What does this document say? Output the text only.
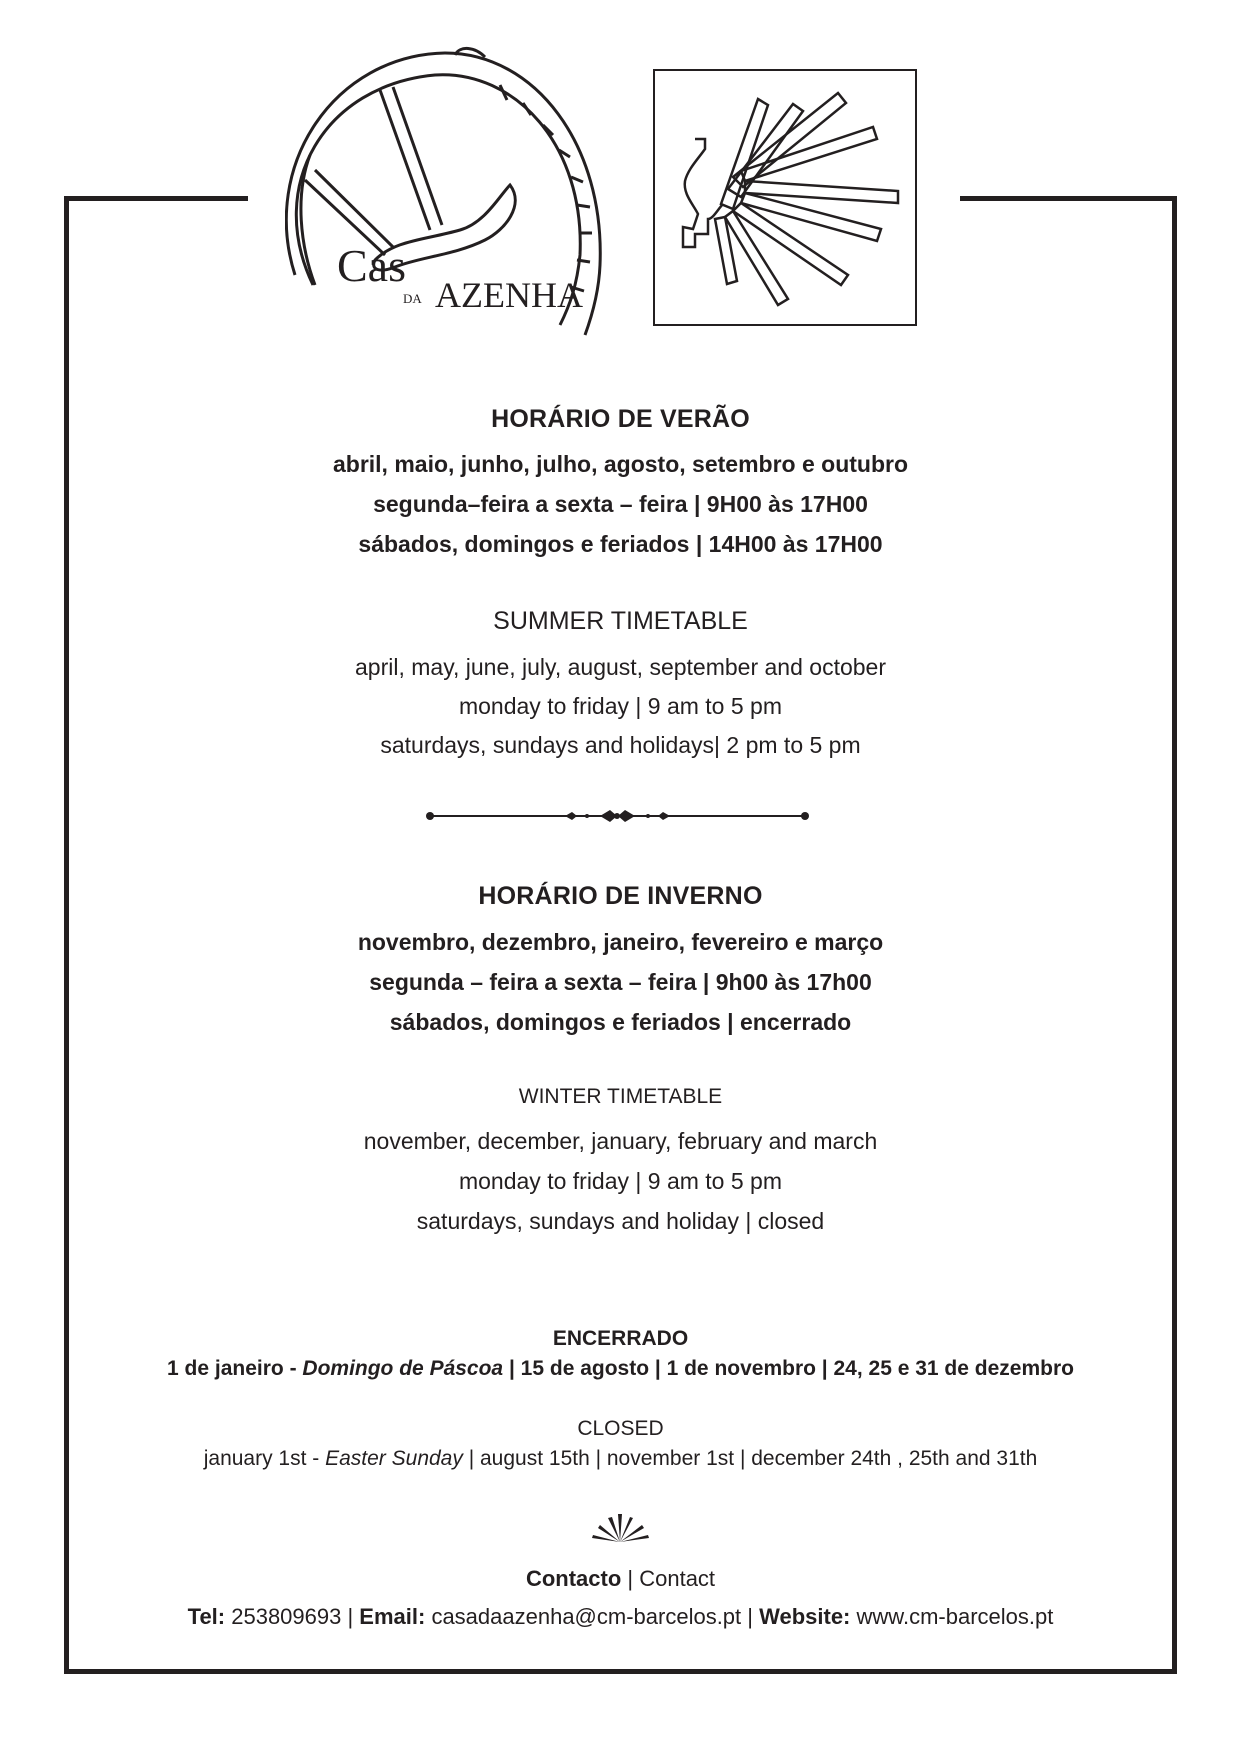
Cas
DA AZENHA
HORÁRIO DE VERÃO
abril, maio, junho, julho, agosto, setembro e outubro
segunda–feira a sexta – feira | 9H00 às 17H00
sábados, domingos e feriados | 14H00 às 17H00
SUMMER TIMETABLE
april, may, june, july, august, september and october
monday to friday | 9 am to 5 pm
saturdays, sundays and holidays| 2 pm to 5 pm
HORÁRIO DE INVERNO
novembro, dezembro, janeiro, fevereiro e março
segunda – feira a sexta – feira | 9h00 às 17h00
sábados, domingos e feriados | encerrado
WINTER TIMETABLE
november, december, january, february and march
monday to friday | 9 am to 5 pm
saturdays, sundays and holiday | closed
ENCERRADO
1 de janeiro - Domingo de Páscoa | 15 de agosto | 1 de novembro | 24, 25 e 31 de dezembro
CLOSED
january 1st - Easter Sunday | august 15th | november 1st | december 24th , 25th and 31th
Contacto | Contact
Tel: 253809693 | Email: casadaazenha@cm-barcelos.pt | Website: www.cm-barcelos.pt
